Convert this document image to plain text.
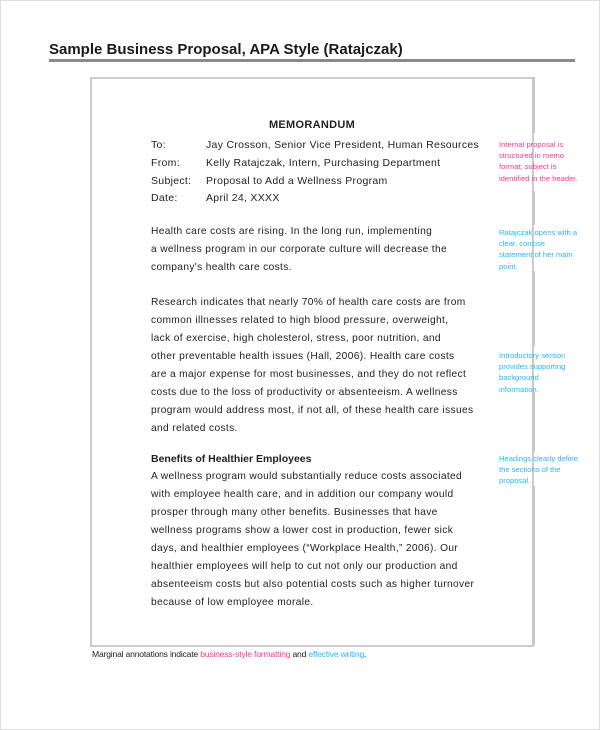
Sample Business Proposal, APA Style (Ratajczak)
MEMORANDUM
To:	Jay Crosson, Senior Vice President, Human Resources
From: Kelly Ratajczak, Intern, Purchasing Department
Subject: Proposal to Add a Wellness Program
Date:	April 24, XXXX
Health care costs are rising. In the long run, implementing
a wellness program in our corporate culture will decrease the
company's health care costs.
Research indicates that nearly 70% of health care costs are from
common illnesses related to high blood pressure, overweight,
lack of exercise, high cholesterol, stress, poor nutrition, and
other preventable health issues (Hall, 2006). Health care costs
are a major expense for most businesses, and they do not reflect
costs due to the loss of productivity or absenteeism. A wellness
program would address most, if not all, of these health care issues
and related costs.
Benefits of Healthier Employees
A wellness program would substantially reduce costs associated
with employee health care, and in addition our company would
prosper through many other benefits. Businesses that have
wellness programs show a lower cost in production, fewer sick
days, and healthier employees (“Workplace Health,” 2006). Our
healthier employees will help to cut not only our production and
absenteeism costs but also potential costs such as higher turnover
because of low employee morale.
Internal proposal is structured in memo format; subject is identified in the header.
Ratajczak opens with a clear, concise statement of her main point.
Introductory section provides supporting background information.
Headings clearly define the sections of the proposal.
Marginal annotations indicate business-style formatting and effective writing.
